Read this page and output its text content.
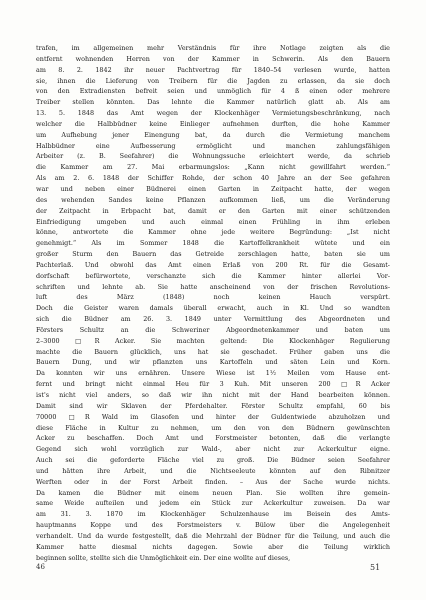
trafen, im allgemeinen mehr Verständnis für ihre Notlage zeigten als die
entfernt wohnenden Herren von der Kammer in Schwerin. Als den Bauern
am 8. 2. 1842 ihr neuer Pachtvertrag für 1840–54 verlesen wurde, hatten
sie, ihnen die Lieferung von Treibern für die Jagden zu erlassen, da sie doch
von den Extradiensten befreit seien und unmöglich für 4 ß einen oder mehrere
Treiber stellen könnten. Das lehnte die Kammer natürlich glatt ab. Als am
13. 5. 1848 das Amt wegen der Klockenhäger Vermietungsbeschränkung, nach
welcher die Halbbüdner keine Einlieger aufnehmen durften, die hohe Kammer
um Aufhebung jener Einengung bat, da durch die Vermietung manchem
Halbbüdner eine Aufbesserung ermöglicht und manchen zahlungsfähigen
Arbeiter (z. B. Seefahrer) die Wohnungssuche erleichtert werde, da schrieb
die Kammer am 27. Mai erbarmungslos: „Kann nicht gewillfahrt werden.“
Als am 2. 6. 1848 der Schiffer Rohde, der schon 40 Jahre an der See gefahren
war und neben einer Büdnerei einen Garten in Zeitpacht hatte, der wegen
des wehenden Sandes keine Pflanzen aufkommen ließ, um die Veränderung
der Zeitpacht in Erbpacht bat, damit er den Garten mit einer schützenden
Einfriedigung umgeben und auch einmal einen Frühling in ihm erleben
könne, antwortete die Kammer ohne jede weitere Begründung: „Ist nicht
genehmigt.“ Als im Sommer 1848 die Kartoffelkrankheit wütete und ein
großer Sturm den Bauern das Getreide zerschlagen hatte, baten sie um
Pachterlaß. Und obwohl das Amt einen Erlaß von 200 Rt. für die Gesamt-
dorfschaft befürwortete, verschanzte sich die Kammer hinter allerlei Vor-
schriften und lehnte ab. Sie hatte anscheinend von der frischen Revolutions-
luft des März (1848) noch keinen Hauch verspürt.
Doch die Geister waren damals überall erwacht, auch in Kl. Und so wandten
sich die Büdner am 26. 3. 1849 unter Vermittlung des Abgeordneten und
Försters Schultz an die Schweriner Abgeordnetenkammer und baten um
2–3000 □R Acker. Sie machten geltend: Die Klockenhäger Regulierung
machte die Bauern glücklich, uns hat sie geschadet. Früher gaben uns die
Bauern Dung, und wir pflanzten uns Kartoffeln und säten Lein und Korn.
Da konnten wir uns ernähren. Unsere Wiese ist 1½ Meilen vom Hause ent-
fernt und bringt nicht einmal Heu für 3 Kuh. Mit unseren 200 □R Acker
ist's nicht viel anders, so daß wir ihn nicht mit der Hand bearbeiten können.
Damit sind wir Sklaven der Pferdehalter. Förster Schultz empfahl, 60 bis
70000 □R Wald im Glasofen und hinter der Guldentwiede abzuholzen und
diese Fläche in Kultur zu nehmen, um den von den Büdnern gewünschten
Acker zu beschaffen. Doch Amt und Forstmeister betonten, daß die verlangte
Gegend sich wohl vorzüglich zur Wald-, aber nicht zur Ackerkultur eigne.
Auch sei die geforderte Fläche viel zu groß. Die Büdner seien Seefahrer
und hätten ihre Arbeit, und die Nichtseeleute könnten auf den Ribnitzer
Werften oder in der Forst Arbeit finden. – Aus der Sache wurde nichts.
Da kamen die Büdner mit einem neuen Plan. Sie wollten ihre gemein-
same Weide aufteilen und jedem ein Stück zur Ackerkultur zuweisen. Da war
am 31. 3. 1870 im Klockenhäger Schulzenhause im Beisein des Amts-
hauptmanns Koppe und des Forstmeisters v. Bülow über die Angelegenheit
verhandelt. Und da wurde festgestellt, daß die Mehrzahl der Büdner für die Teilung, und auch die
Kammer hatte diesmal nichts dagegen. Sowie aber die Teilung wirklich
beginnen sollte, stellte sich die Unmöglichkeit ein. Der eine wollte auf dieses,
46	51
